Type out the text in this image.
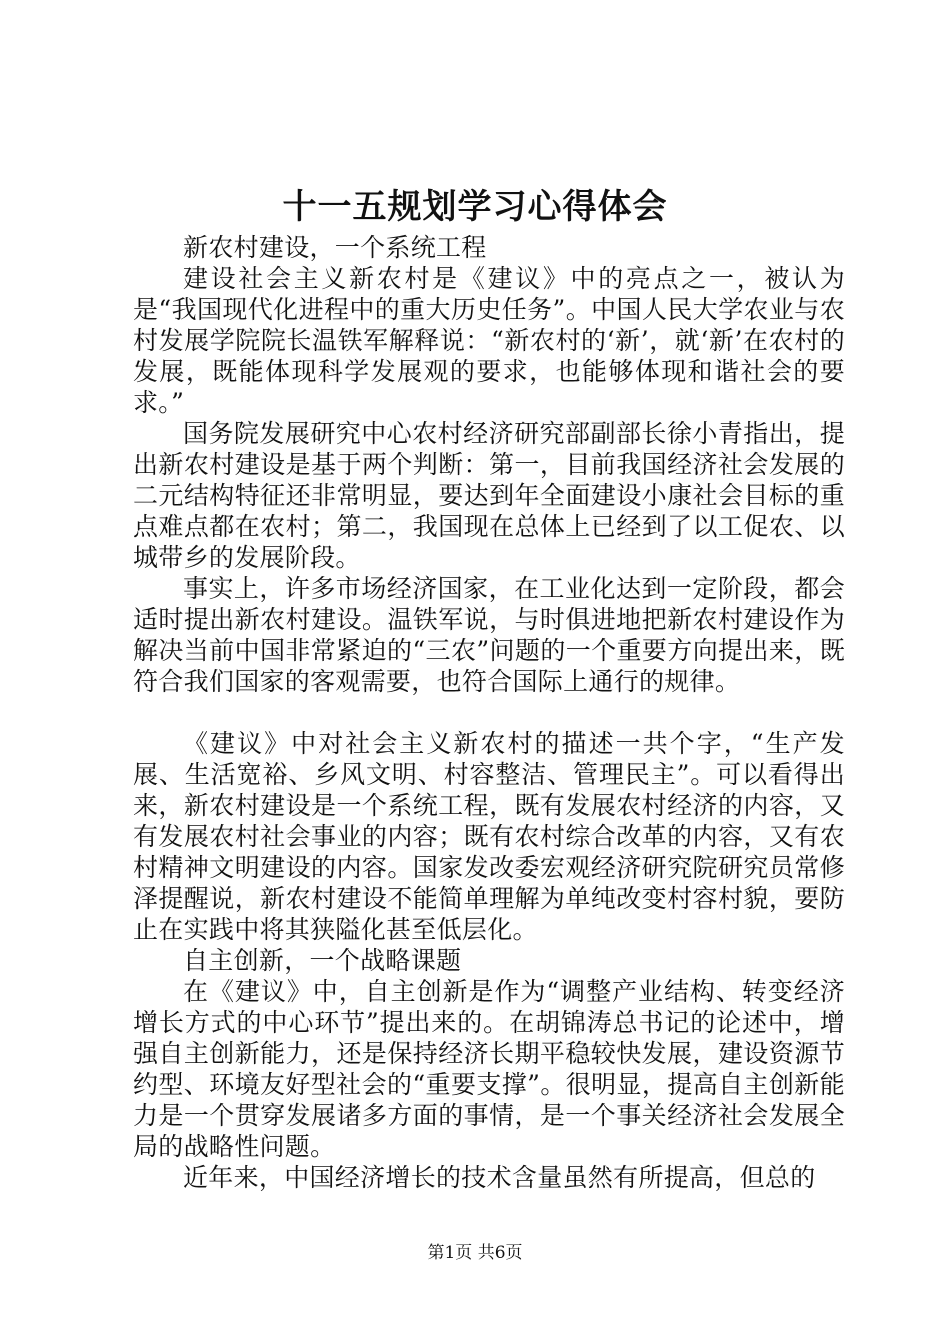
十一五规划学习心得体会

新农村建设，一个系统工程

建设社会主义新农村是《建议》中的亮点之一，被认为是“我国现代化进程中的重大历史任务”。中国人民大学农业与农村发展学院院长温铁军解释说：“新农村的‘新’，就‘新’在农村的发展，既能体现科学发展观的要求，也能够体现和谐社会的要求。”

国务院发展研究中心农村经济研究部副部长徐小青指出，提出新农村建设是基于两个判断：第一，目前我国经济社会发展的二元结构特征还非常明显，要达到年全面建设小康社会目标的重点难点都在农村；第二，我国现在总体上已经到了以工促农、以城带乡的发展阶段。

事实上，许多市场经济国家，在工业化达到一定阶段，都会适时提出新农村建设。温铁军说，与时俱进地把新农村建设作为解决当前中国非常紧迫的“三农”问题的一个重要方向提出来，既符合我们国家的客观需要，也符合国际上通行的规律。

《建议》中对社会主义新农村的描述一共个字，“生产发展、生活宽裕、乡风文明、村容整洁、管理民主”。可以看得出来，新农村建设是一个系统工程，既有发展农村经济的内容，又有发展农村社会事业的内容；既有农村综合改革的内容，又有农村精神文明建设的内容。国家发改委宏观经济研究院研究员常修泽提醒说，新农村建设不能简单理解为单纯改变村容村貌，要防止在实践中将其狭隘化甚至低层化。

自主创新，一个战略课题

在《建议》中，自主创新是作为“调整产业结构、转变经济增长方式的中心环节”提出来的。在胡锦涛总书记的论述中，增强自主创新能力，还是保持经济长期平稳较快发展，建设资源节约型、环境友好型社会的“重要支撑”。很明显，提高自主创新能力是一个贯穿发展诸多方面的事情，是一个事关经济社会发展全局的战略性问题。

近年来，中国经济增长的技术含量虽然有所提高，但总的

第1页 共6页
